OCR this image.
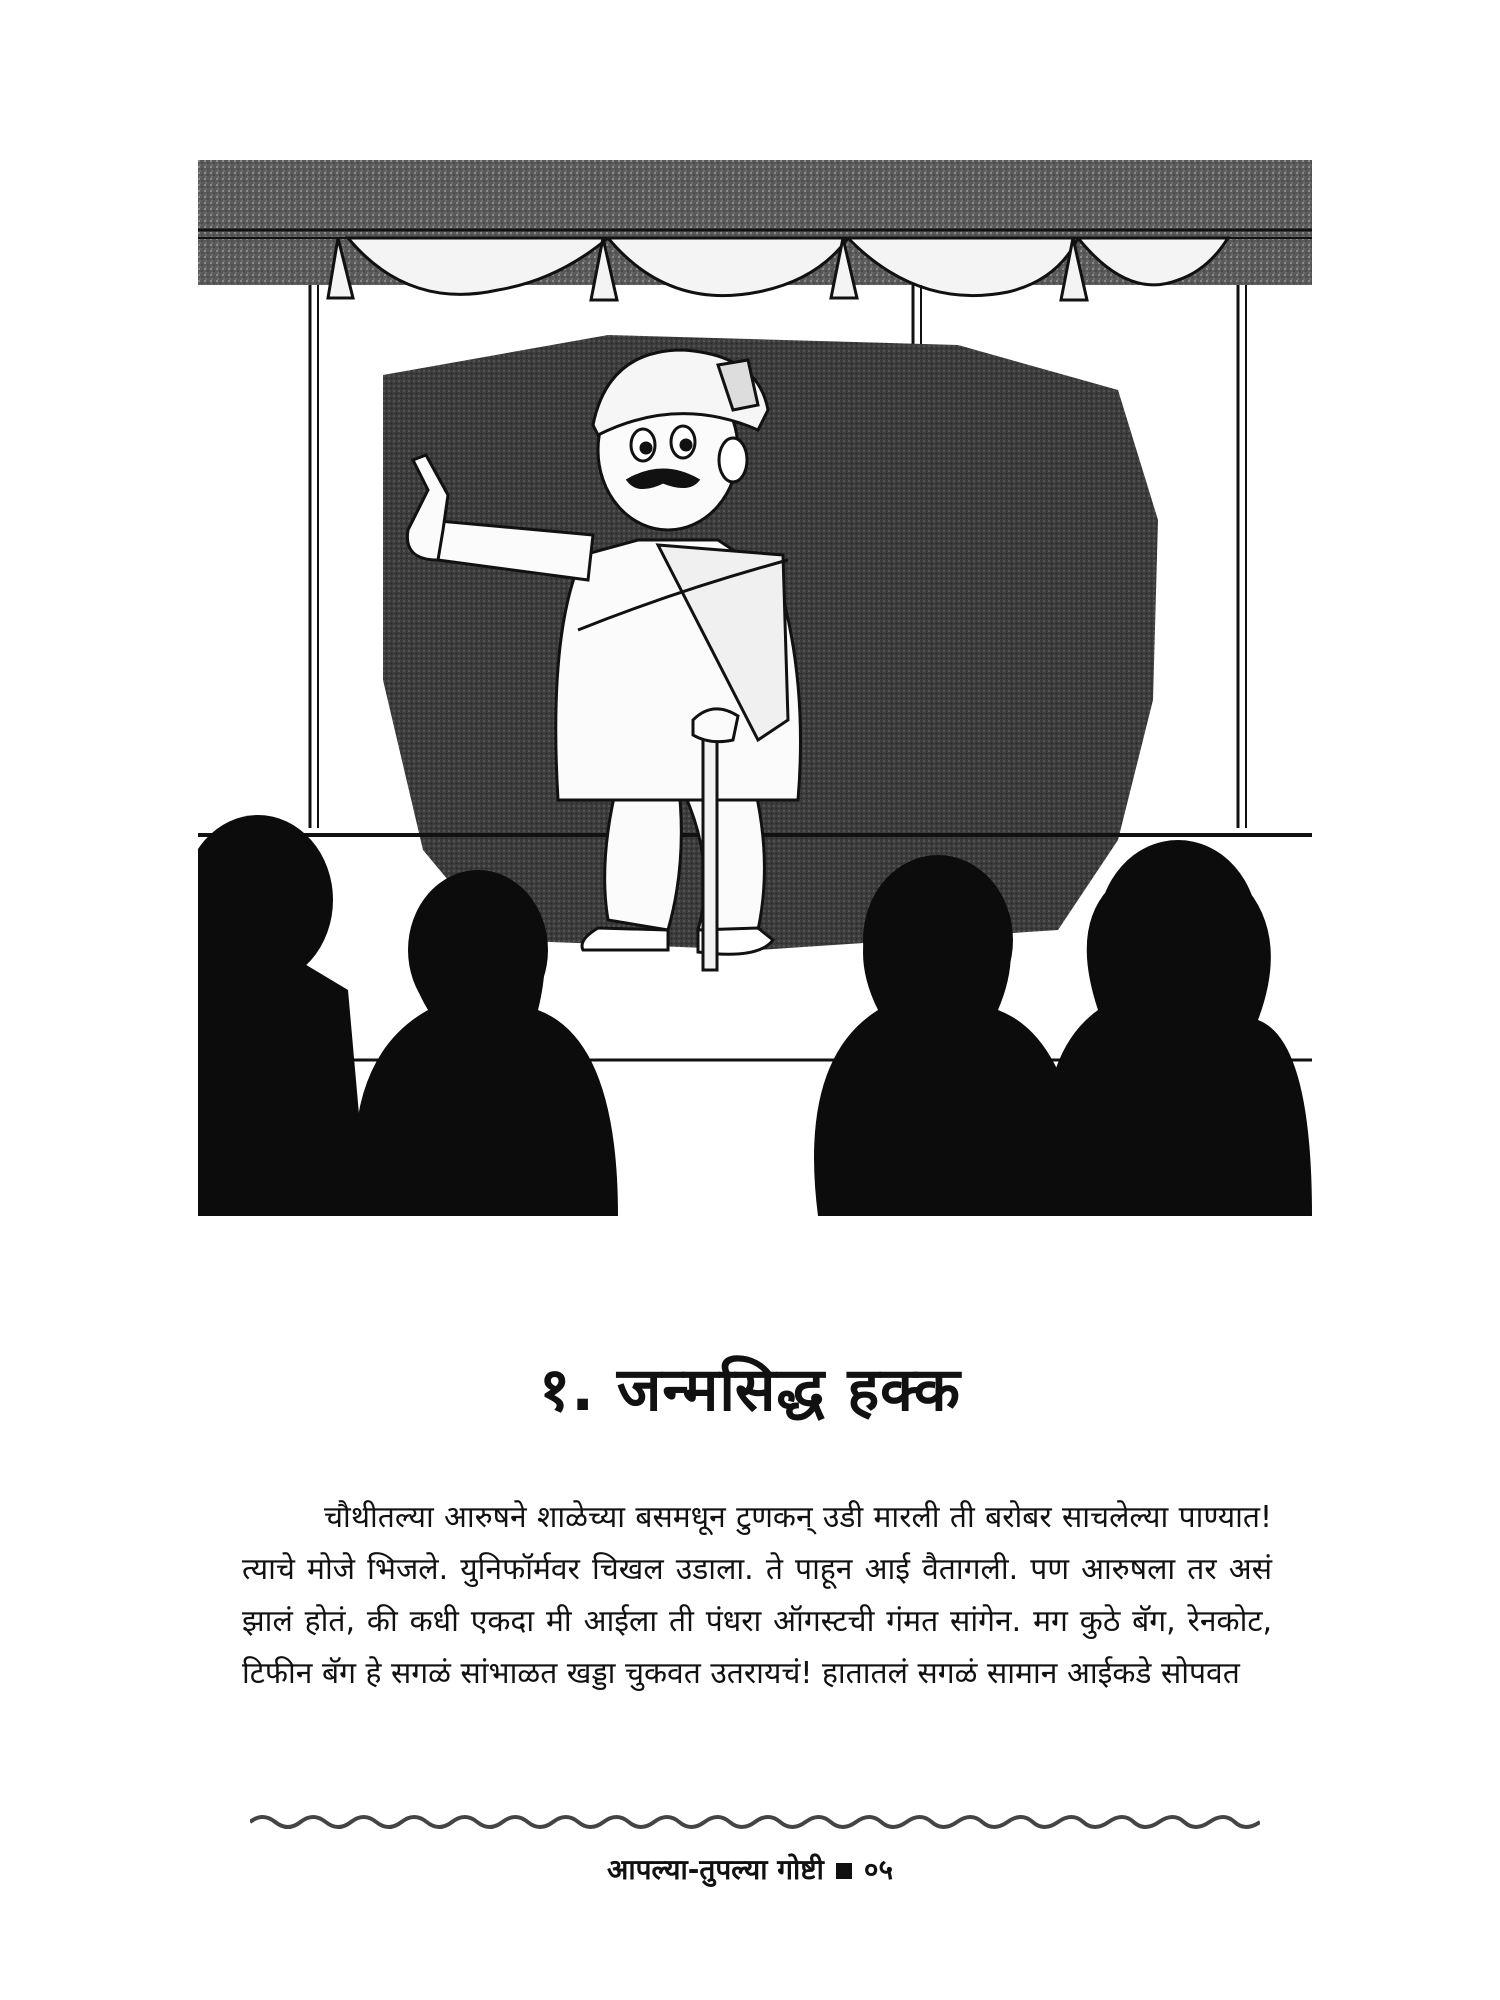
१. जन्मसिद्ध हक्क

चौथीतल्या आरुषने शाळेच्या बसमधून टुणकन् उडी मारली ती बरोबर साचलेल्या पाण्यात! त्याचे मोजे भिजले. युनिफॉर्मवर चिखल उडाला. ते पाहून आई वैतागली. पण आरुषला तर असं झालं होतं, की कधी एकदा मी आईला ती पंधरा ऑगस्टची गंमत सांगेन. मग कुठे बॅग, रेनकोट, टिफीन बॅग हे सगळं सांभाळत खड्डा चुकवत उतरायचं! हातातलं सगळं सामान आईकडे सोपवत

आपल्या-तुपल्या गोष्टी ०५
